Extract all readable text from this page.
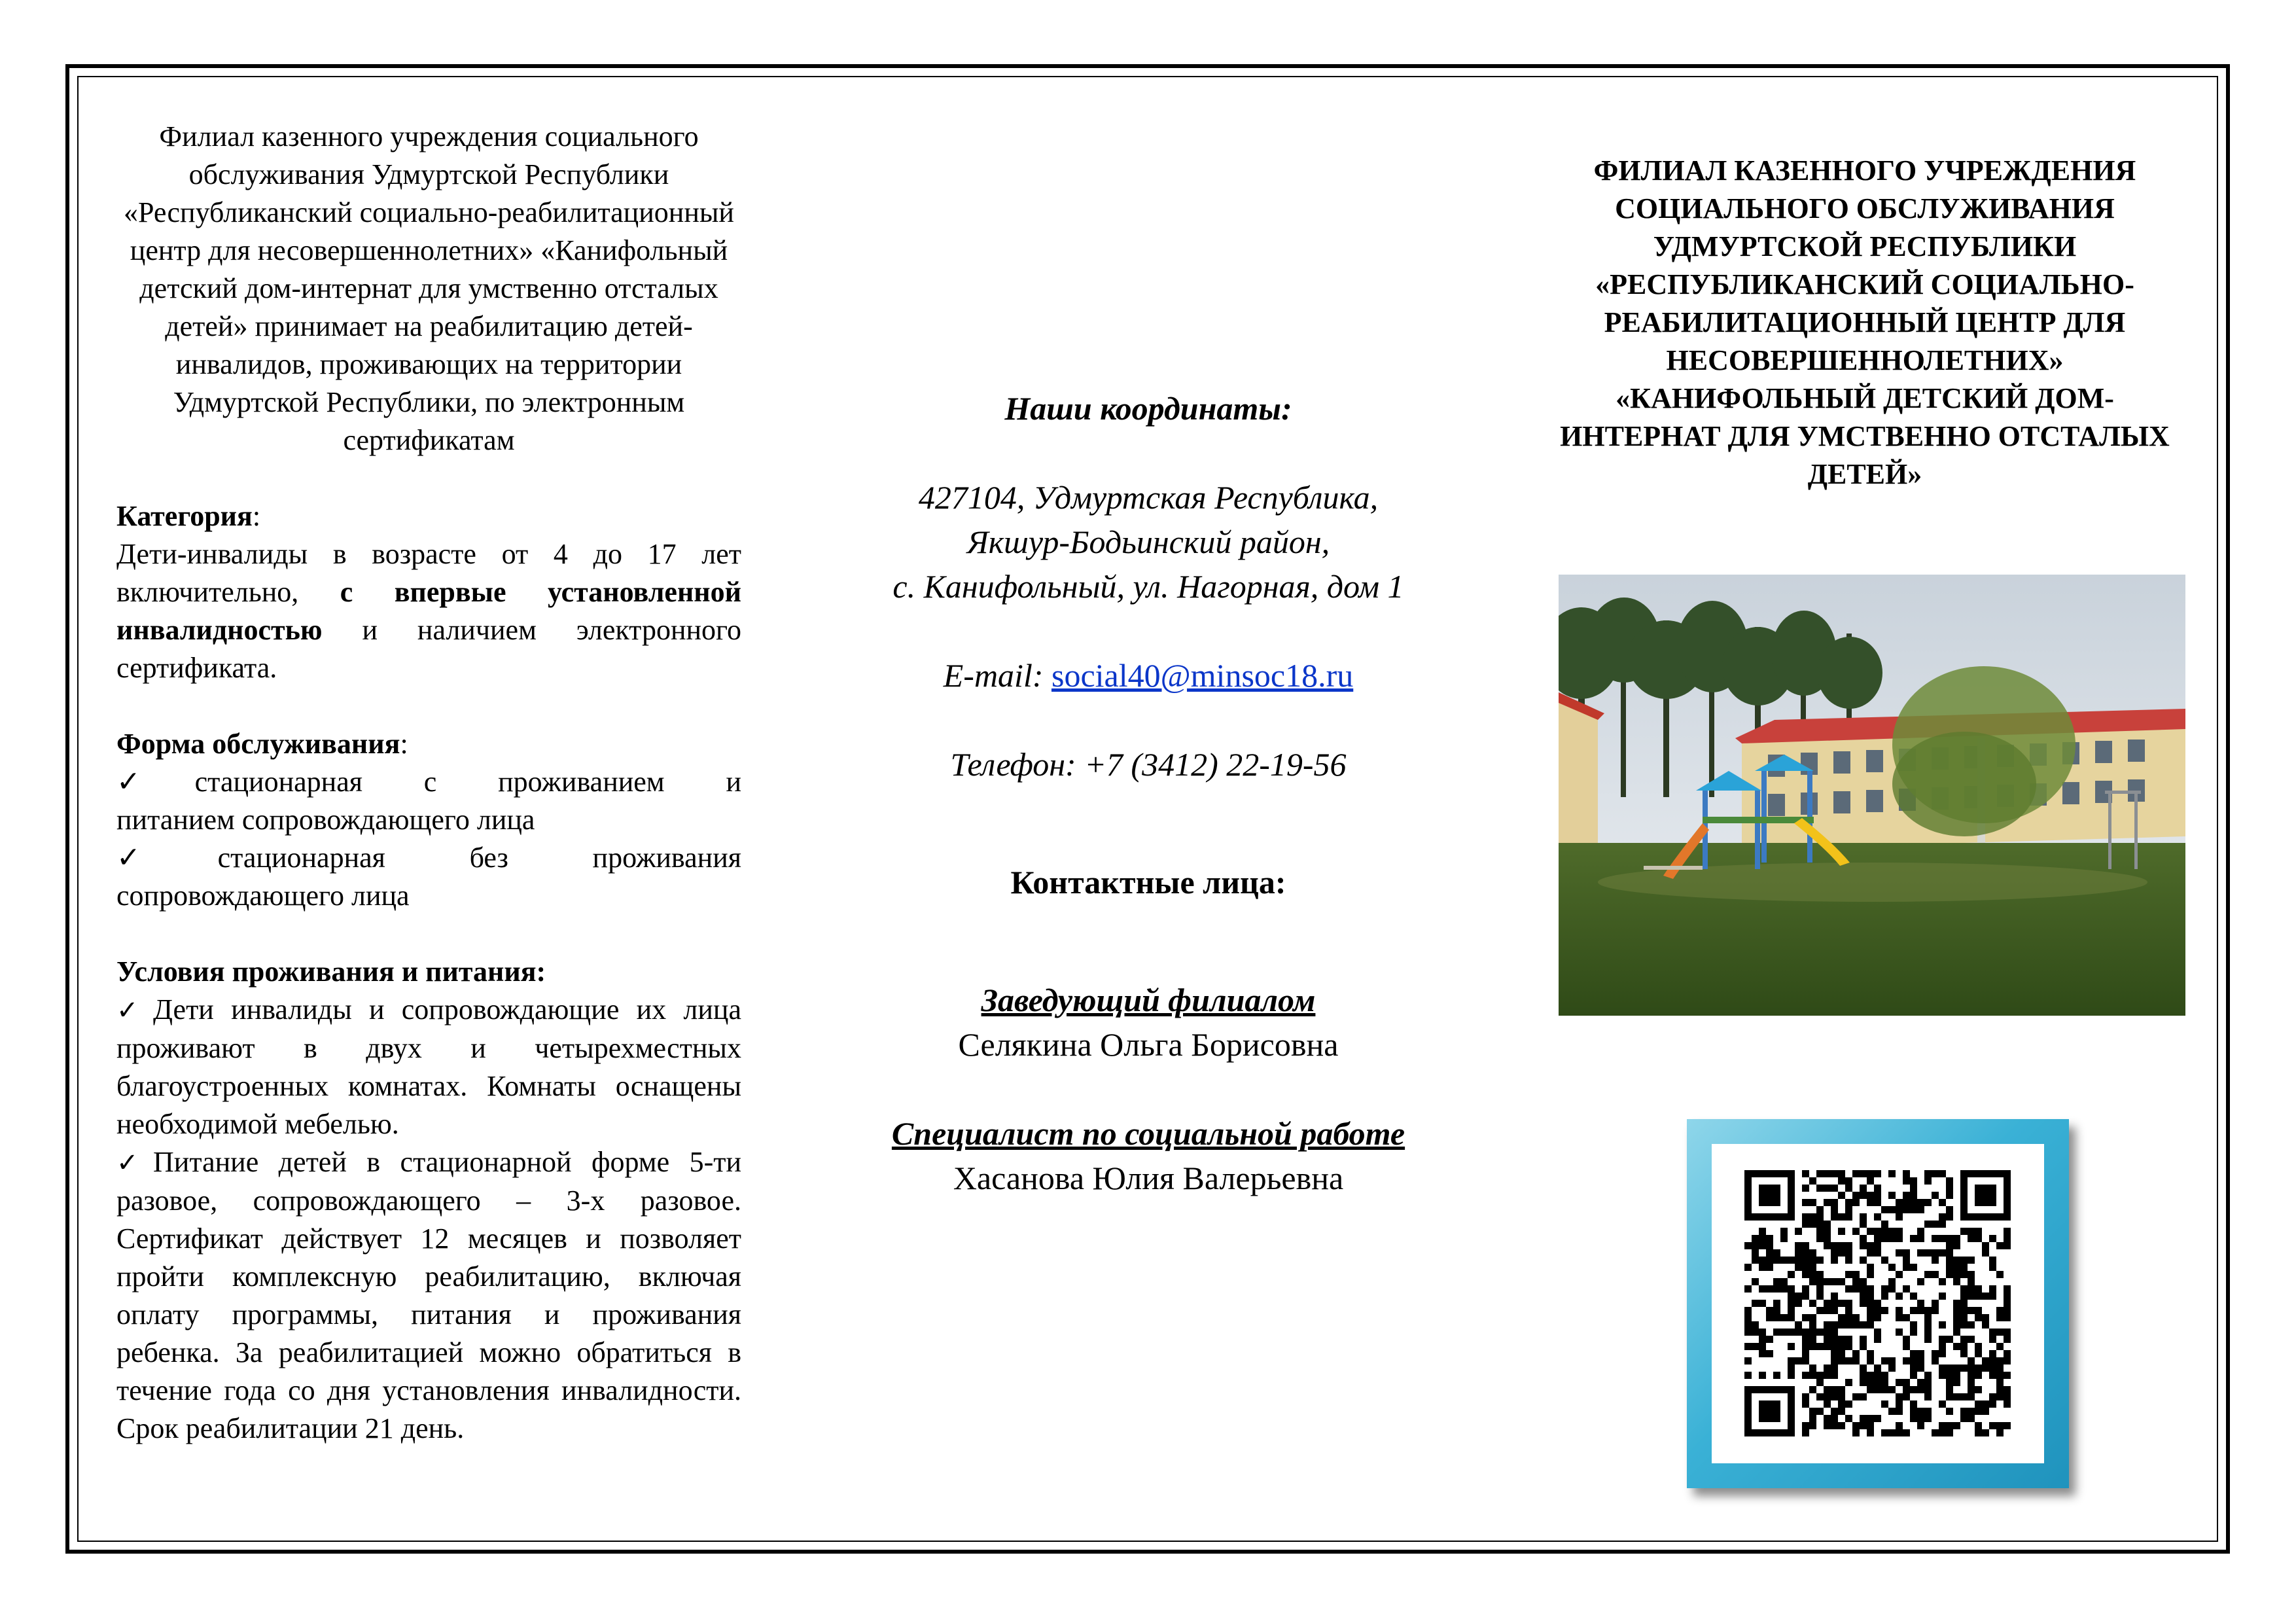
Филиал казенного учреждения социального обслуживания Удмуртской Республики «Республиканский социально-реабилитационный центр для несовершеннолетних» «Канифольный детский дом-интернат для умственно отсталых детей» принимает на реабилитацию детей-инвалидов, проживающих на территории Удмуртской Республики, по электронным сертификатам

Категория:

Дети-инвалиды в возрасте от 4 до 17 лет включительно, с впервые установленной инвалидностью и наличием электронного сертификата.

Форма обслуживания:

✓стационарная с проживанием и
питанием сопровождающего лица
✓стационарная без проживания
сопровождающего лица

Условия проживания и питания:

✓ Дети инвалиды и сопровождающие их лица проживают в двух и четырехместных благоустроенных комнатах. Комнаты оснащены необходимой мебелью.

✓ Питание детей в стационарной форме 5-ти разовое, сопровождающего – 3-х разовое. Сертификат действует 12 месяцев и позволяет пройти комплексную реабилитацию, включая оплату программы, питания и проживания ребенка. За реабилитацией можно обратиться в течение года со дня установления инвалидности. Срок реабилитации 21 день.

Наши координаты:

427104, Удмуртская Республика,

Якшур-Бодьинский район,

с. Канифольный, ул. Нагорная, дом 1

E-mail: social40@minsoc18.ru

Телефон: +7 (3412) 22-19-56

Контактные лица:

Заведующий филиалом

Селякина Ольга Борисовна

Специалист по социальной работе

Хасанова Юлия Валерьевна

ФИЛИАЛ КАЗЕННОГО УЧРЕЖДЕНИЯ СОЦИАЛЬНОГО ОБСЛУЖИВАНИЯ УДМУРТСКОЙ РЕСПУБЛИКИ «РЕСПУБЛИКАНСКИЙ СОЦИАЛЬНО-РЕАБИЛИТАЦИОННЫЙ ЦЕНТР ДЛЯ НЕСОВЕРШЕННОЛЕТНИХ» «КАНИФОЛЬНЫЙ ДЕТСКИЙ ДОМ-ИНТЕРНАТ ДЛЯ УМСТВЕННО ОТСТАЛЫХ ДЕТЕЙ»
